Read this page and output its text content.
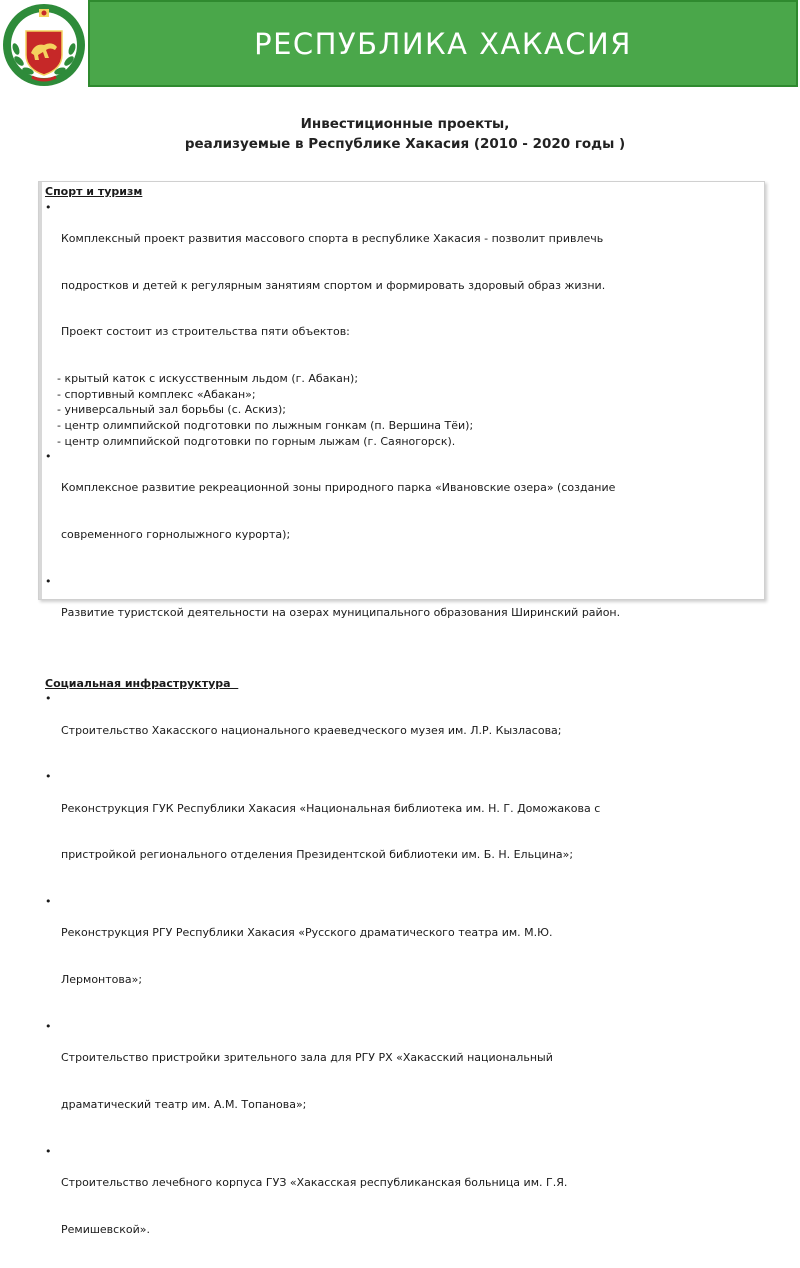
РЕСПУБЛИКА ХАКАСИЯ
Инвестиционные проекты,
реализуемые в Республике Хакасия (2010 - 2020 годы )
Спорт и туризм
•

Комплексный проект развития массового спорта в республике Хакасия - позволит привлечь

подростков и детей к регулярным занятиям спортом и формировать здоровый образ жизни.

Проект состоит из строительства пяти объектов:

- крытый каток с искусственным льдом (г. Абакан);
- спортивный комплекс «Абакан»;
- универсальный зал борьбы (с. Аскиз);
- центр олимпийской подготовки по лыжным гонкам (п. Вершина Тёи);
- центр олимпийской подготовки по горным лыжам (г. Саяногорск).
•

Комплексное развитие рекреационной зоны природного парка «Ивановские озера» (создание

современного горнолыжного курорта);

•

Развитие туристской деятельности на озерах муниципального образования Ширинский район.

Социальная инфраструктура
•

Строительство Хакасского национального краеведческого музея им. Л.Р. Кызласова;

•

Реконструкция ГУК Республики Хакасия «Национальная библиотека им. Н. Г. Доможакова с

пристройкой регионального отделения Президентской библиотеки им. Б. Н. Ельцина»;

•

Реконструкция РГУ Республики Хакасия «Русского драматического театра им. М.Ю.

Лермонтова»;

•

Строительство пристройки зрительного зала для РГУ РХ «Хакасский национальный

драматический театр им. А.М. Топанова»;

•

Строительство лечебного корпуса ГУЗ «Хакасская республиканская больница им. Г.Я.

Ремишевской».
